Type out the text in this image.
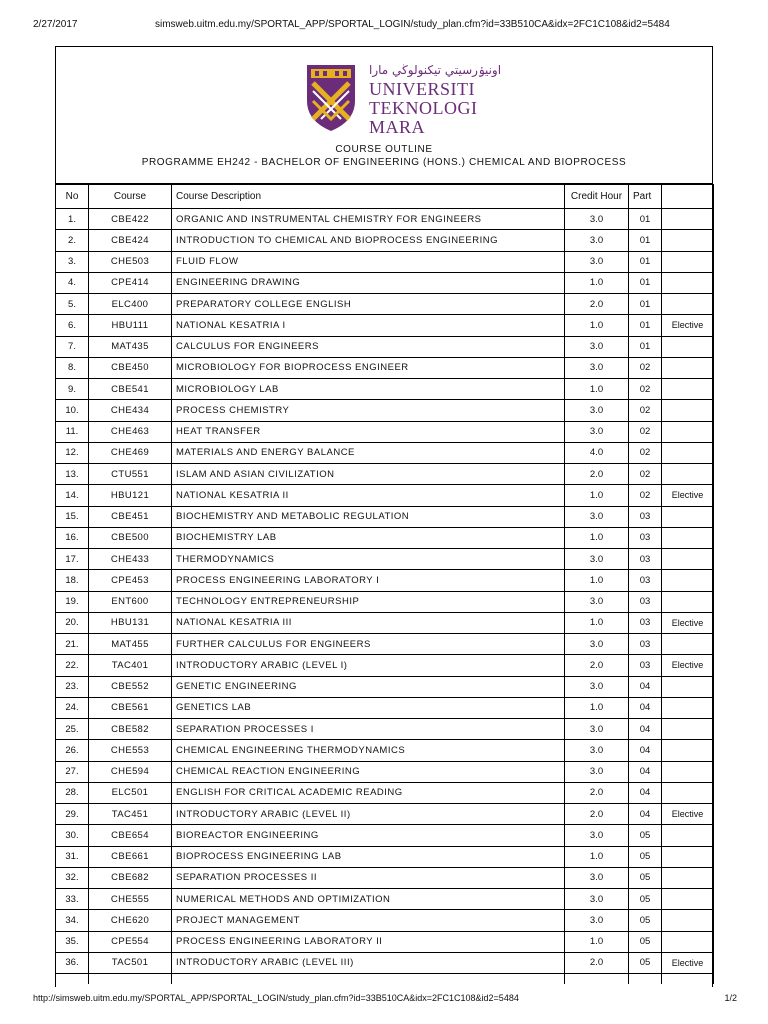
2/27/2017	simsweb.uitm.edu.my/SPORTAL_APP/SPORTAL_LOGIN/study_plan.cfm?id=33B510CA&idx=2FC1C108&id2=5484
اونيۏرسيتي تيكنولوڬي مارا
UNIVERSITI
TEKNOLOGI
MARA
COURSE OUTLINE
PROGRAMME EH242 - BACHELOR OF ENGINEERING (HONS.) CHEMICAL AND BIOPROCESS
No	Course	Course Description	Credit Hour	Part	
1.	CBE422	ORGANIC AND INSTRUMENTAL CHEMISTRY FOR ENGINEERS	3.0	01	
2.	CBE424	INTRODUCTION TO CHEMICAL AND BIOPROCESS ENGINEERING	3.0	01	
3.	CHE503	FLUID FLOW	3.0	01	
4.	CPE414	ENGINEERING DRAWING	1.0	01	
5.	ELC400	PREPARATORY COLLEGE ENGLISH	2.0	01	
6.	HBU111	NATIONAL KESATRIA I	1.0	01	Elective
7.	MAT435	CALCULUS FOR ENGINEERS	3.0	01	
8.	CBE450	MICROBIOLOGY FOR BIOPROCESS ENGINEER	3.0	02	
9.	CBE541	MICROBIOLOGY LAB	1.0	02	
10.	CHE434	PROCESS CHEMISTRY	3.0	02	
11.	CHE463	HEAT TRANSFER	3.0	02	
12.	CHE469	MATERIALS AND ENERGY BALANCE	4.0	02	
13.	CTU551	ISLAM AND ASIAN CIVILIZATION	2.0	02	
14.	HBU121	NATIONAL KESATRIA II	1.0	02	Elective
15.	CBE451	BIOCHEMISTRY AND METABOLIC REGULATION	3.0	03	
16.	CBE500	BIOCHEMISTRY LAB	1.0	03	
17.	CHE433	THERMODYNAMICS	3.0	03	
18.	CPE453	PROCESS ENGINEERING LABORATORY I	1.0	03	
19.	ENT600	TECHNOLOGY ENTREPRENEURSHIP	3.0	03	
20.	HBU131	NATIONAL KESATRIA III	1.0	03	Elective
21.	MAT455	FURTHER CALCULUS FOR ENGINEERS	3.0	03	
22.	TAC401	INTRODUCTORY ARABIC (LEVEL I)	2.0	03	Elective
23.	CBE552	GENETIC ENGINEERING	3.0	04	
24.	CBE561	GENETICS LAB	1.0	04	
25.	CBE582	SEPARATION PROCESSES I	3.0	04	
26.	CHE553	CHEMICAL ENGINEERING THERMODYNAMICS	3.0	04	
27.	CHE594	CHEMICAL REACTION ENGINEERING	3.0	04	
28.	ELC501	ENGLISH FOR CRITICAL ACADEMIC READING	2.0	04	
29.	TAC451	INTRODUCTORY ARABIC (LEVEL II)	2.0	04	Elective
30.	CBE654	BIOREACTOR ENGINEERING	3.0	05	
31.	CBE661	BIOPROCESS ENGINEERING LAB	1.0	05	
32.	CBE682	SEPARATION PROCESSES II	3.0	05	
33.	CHE555	NUMERICAL METHODS AND OPTIMIZATION	3.0	05	
34.	CHE620	PROJECT MANAGEMENT	3.0	05	
35.	CPE554	PROCESS ENGINEERING LABORATORY II	1.0	05	
36.	TAC501	INTRODUCTORY ARABIC (LEVEL III)	2.0	05	Elective

http://simsweb.uitm.edu.my/SPORTAL_APP/SPORTAL_LOGIN/study_plan.cfm?id=33B510CA&idx=2FC1C108&id2=5484	1/2
